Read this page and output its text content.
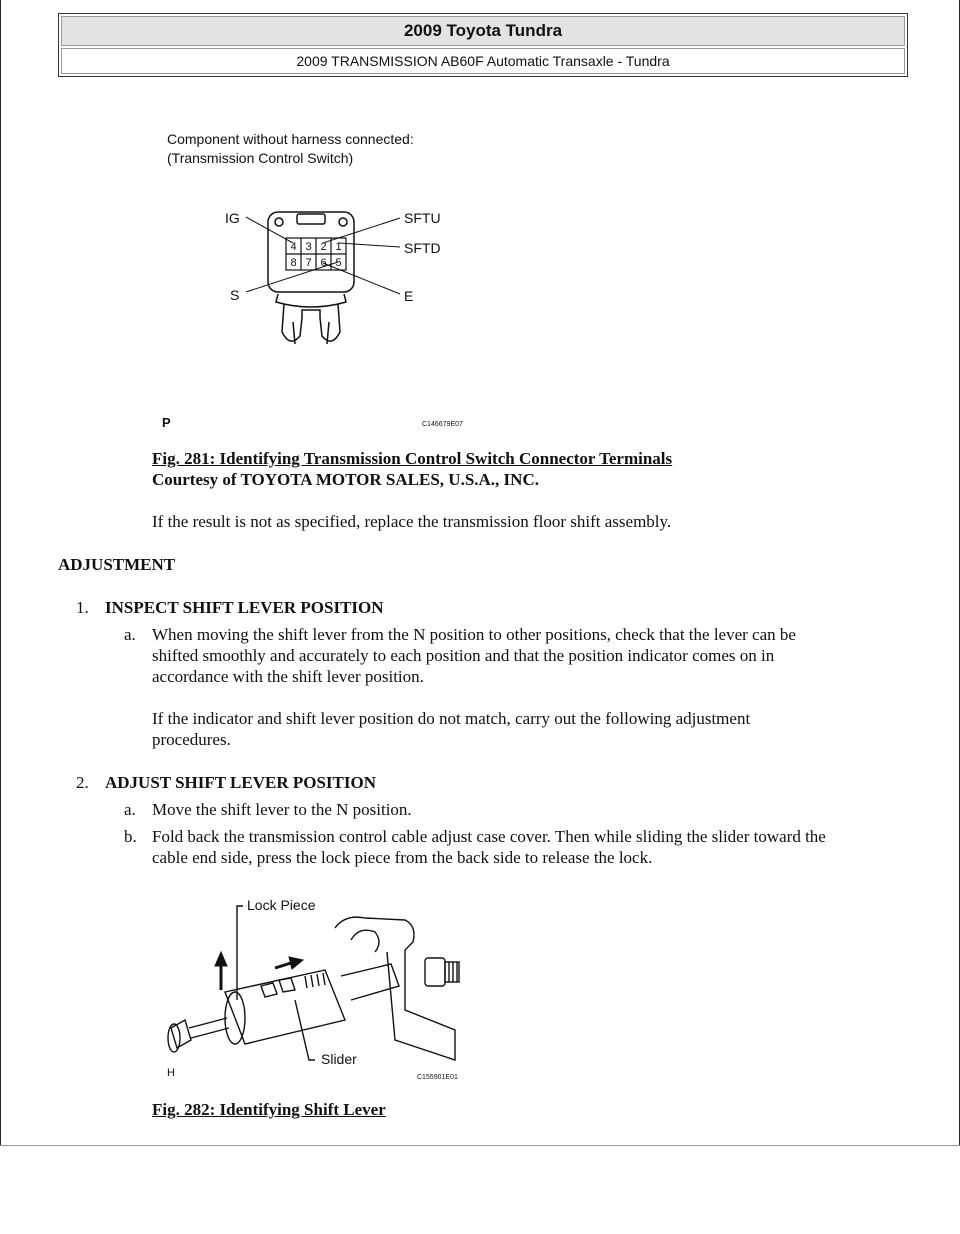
2009 Toyota Tundra
2009 TRANSMISSION AB60F Automatic Transaxle - Tundra
Component without harness connected:
(Transmission Control Switch)
IG
S
SFTU
SFTD
E
P	C146679E07
4 3 2 1
8 7 6 5
Fig. 281: Identifying Transmission Control Switch Connector Terminals
Courtesy of TOYOTA MOTOR SALES, U.S.A., INC.
If the result is not as specified, replace the transmission floor shift assembly.
ADJUSTMENT
1. INSPECT SHIFT LEVER POSITION
a. When moving the shift lever from the N position to other positions, check that the lever can be
shifted smoothly and accurately to each position and that the position indicator comes on in
accordance with the shift lever position.
If the indicator and shift lever position do not match, carry out the following adjustment
procedures.
2. ADJUST SHIFT LEVER POSITION
a. Move the shift lever to the N position.
b. Fold back the transmission control cable adjust case cover. Then while sliding the slider toward the
cable end side, press the lock piece from the back side to release the lock.
Lock Piece
Slider
H	C155901E01
Fig. 282: Identifying Shift Lever
